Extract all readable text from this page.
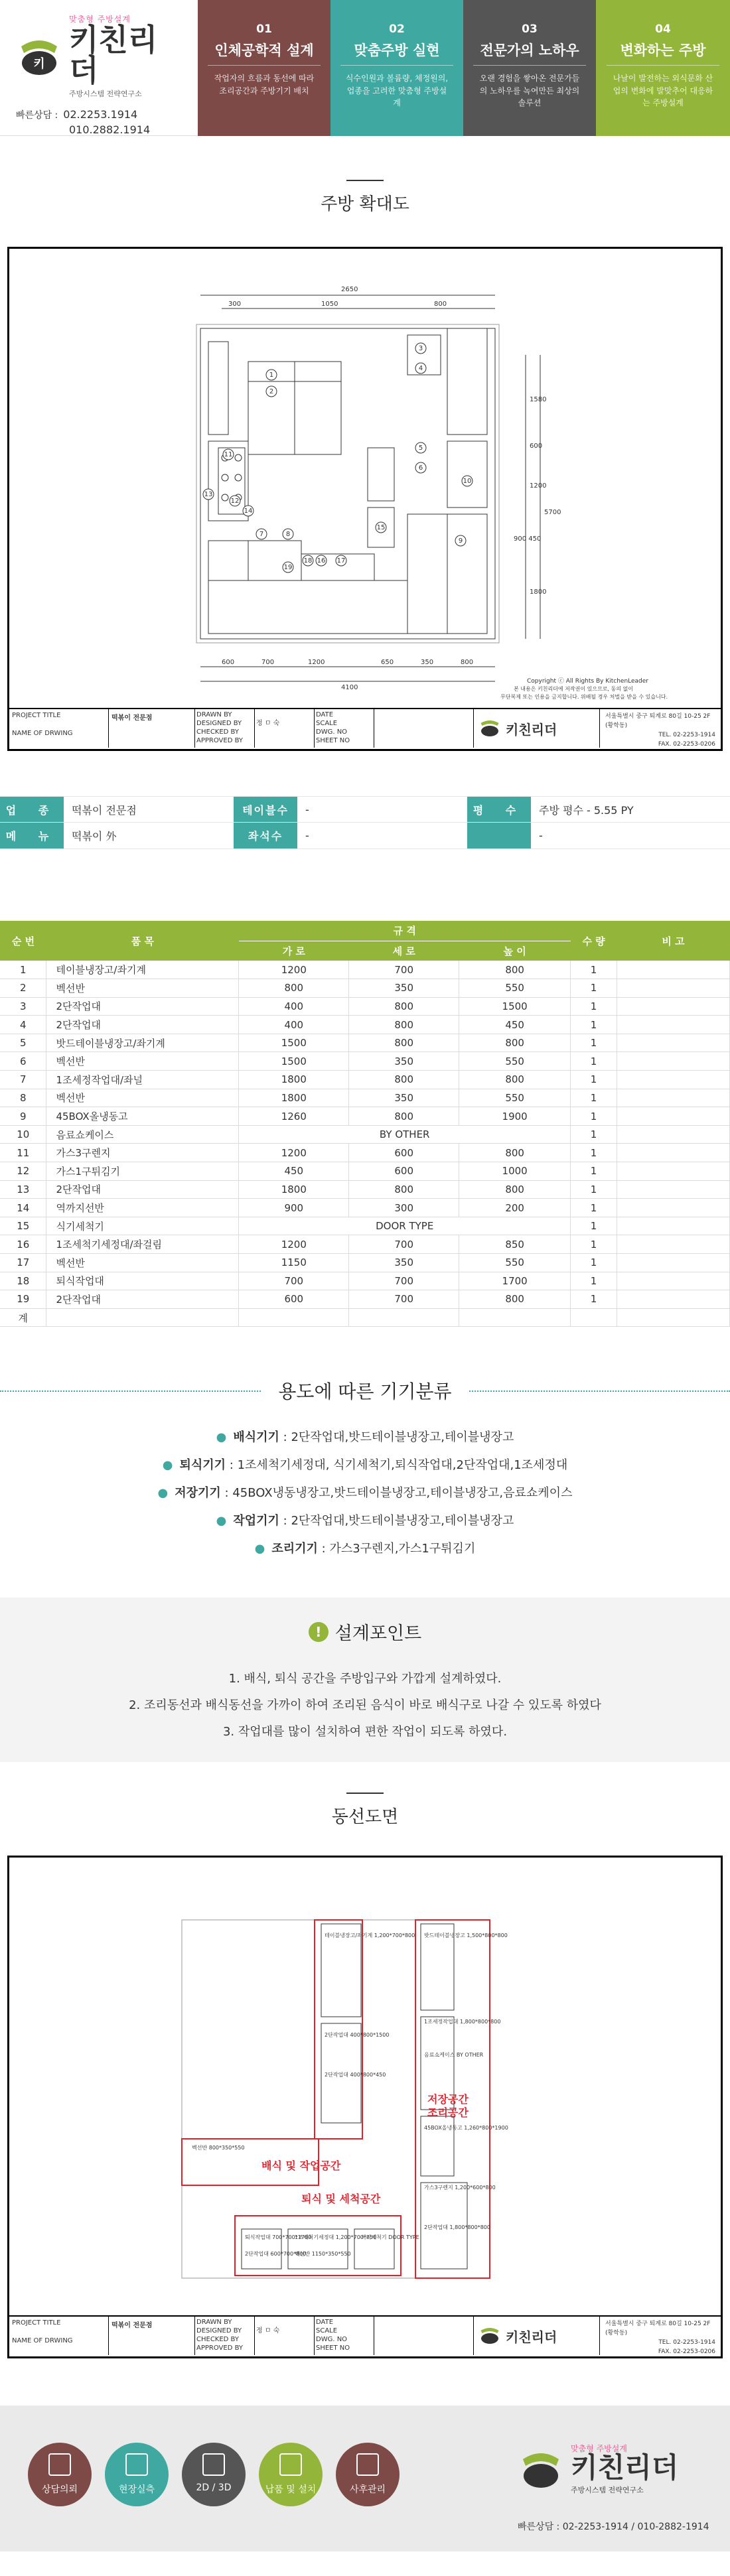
키
맞춤형 주방설계
키친리더
주방시스템 전략연구소
빠른상담 : 02.2253.1914
010.2882.1914
01
인체공학적 설계
작업자의 흐름과 동선에 따라 조리공간과 주방기기 배치
02
맞춤주방 실현
식수인원과 볼륨량, 체정원의, 업종을 고려한 맞춤형 주방설계
03
전문가의 노하우
오랜 경험을 쌓아온 전문가들의 노하우를 녹여만든 최상의 솔루션
04
변화하는 주방
나날이 발전하는 외식문화 산업의 변화에 발맞추어 대응하는 주방설계
주방 확대도
2650
300	1050	800
1580
600
1200
5700
900 450
1800
600	700	1200	650	350	800
4100
Copyright ⓒ All Rights By KitchenLeader
본 내용은 키친리더에 저작권이 있으므로, 동의 없이
무단복제 또는 인용을 금지합니다. 위배될 경우 처벌을 받을 수 있습니다.
1
2
3
4
5
6
7	8
9
10
11
12
13
14
15
16 17
18
19
PROJECT TITLE
NAME OF DRWING
떡볶이 전문점	DRAWN BY
DESIGNED BY
CHECKED BY
APPROVED BY

정 ㅁ 숙
DATE
SCALE
DWG. NO
SHEET NO
키친리더
서울특별시 중구 퇴계로 80길 10-25 2F (황학동)
TEL. 02-2253-1914
FAX. 02-2253-0206
업 종	떡볶이 전문점	테이블수	-	평 수	주방 평수 - 5.55 PY
메 뉴	떡볶이 外	좌석수	-	-
순 번	품 목	규 격			수 량	비 고
		가 로	세 로	높 이		
1	테이블냉장고/좌기계	1200	700	800	1	
2	벡선반	800	350	550	1	
3	2단작업대	400	800	1500	1	
4	2단작업대	400	800	450	1	
5	밧드테이블냉장고/좌기계	1500	800	800	1	
6	벡선반	1500	350	550	1	
7	1조세정작업대/좌널	1800	800	800	1	
8	벡선반	1800	350	550	1	
9	45BOX올냉동고	1260	800	1900	1	
10	음료쇼케이스	BY OTHER			1	
11	가스3구렌지	1200	600	800	1	
12	가스1구튀김기	450	600	1000	1	
13	2단작업대	1800	800	800	1	
14	역까지선반	900	300	200	1	
15	식기세척기	DOOR TYPE			1	
16	1조세척기세정대/좌걸림	1200	700	850	1	
17	벡선반	1150	350	550	1	
18	퇴식작업대	700	700	1700	1	
19	2단작업대	600	700	800	1	
계						
용도에 따른 기기분류
● 배식기기 : 2단작업대,밧드테이블냉장고,테이블냉장고
● 퇴식기기 : 1조세척기세정대, 식기세척기,퇴식작업대,2단작업대,1조세정대
● 저장기기 : 45BOX냉동냉장고,밧드테이블냉장고,테이블냉장고,음료쇼케이스
● 작업기기 : 2단작업대,밧드테이블냉장고,테이블냉장고
● 조리기기 : 가스3구렌지,가스1구튀김기
! 설계포인트
1. 배식, 퇴식 공간을 주방입구와 가깝게 설계하였다.
2. 조리동선과 배식동선을 가까이 하여 조리된 음식이 바로 배식구로 나갈 수 있도록 하였다
3. 작업대를 많이 설치하여 편한 작업이 되도록 하였다.
동선도면
저장공간
조리공간
배식 및 작업공간
퇴식 및 세척공간
테이블냉장고/좌기계 1,200*700*800
2단작업대 400*800*1500
2단작업대 400*800*450
밧드테이블냉장고 1,500*800*800
1조세정작업대 1,800*800*800
45BOX올냉동고 1,260*800*1900
음료쇼케이스 BY OTHER
가스3구렌지 1,200*600*800
2단작업대 1,800*800*800
1조세척기세정대 1,200*700*850
식기세척기 DOOR TYPE
퇴식작업대 700*700*1700
2단작업대 600*700*800
벡선반 1150*350*550
벡선반 800*350*550
PROJECT TITLE
NAME OF DRWING
떡볶이 전문점	DRAWN BY
DESIGNED BY
CHECKED BY
APPROVED BY

정 ㅁ 숙
DATE
SCALE
DWG. NO
SHEET NO
키친리더
서울특별시 중구 퇴계로 80길 10-25 2F (황학동)
TEL. 02-2253-1914
FAX. 02-2253-0206
상담의뢰	현장실측	2D / 3D	납품 및 설치	사후관리
맞춤형 주방설계
키친리더
주방시스템 전략연구소
빠른상담 : 02-2253-1914 / 010-2882-1914
